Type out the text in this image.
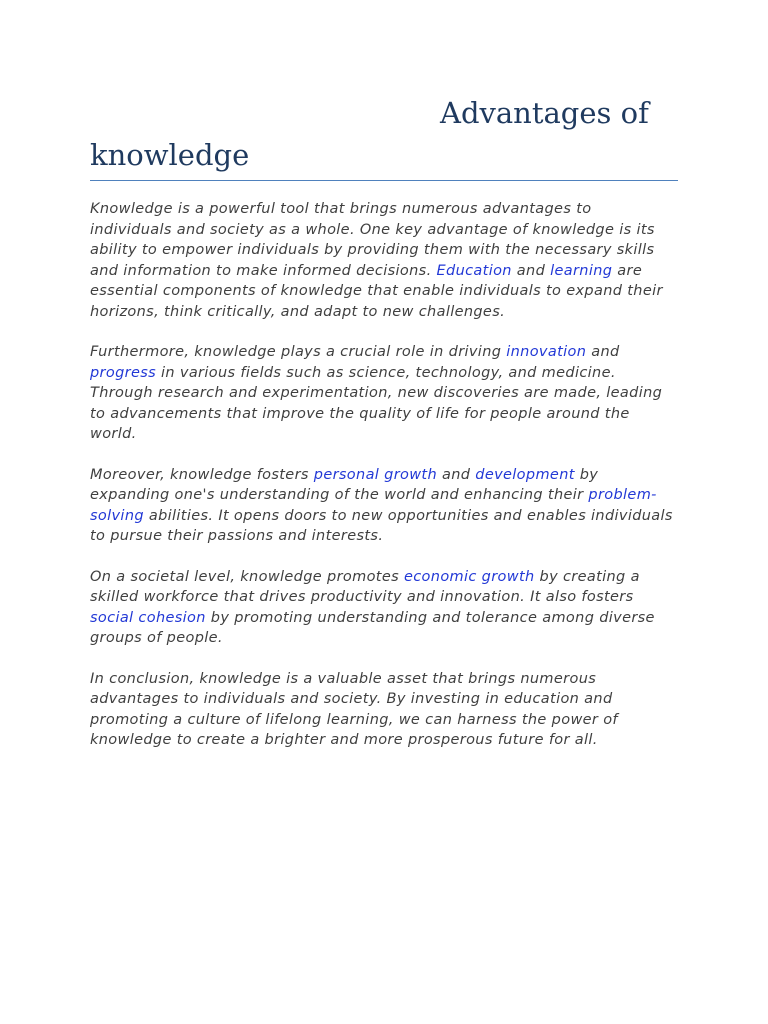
Advantages of knowledge

Knowledge is a powerful tool that brings numerous advantages to individuals and society as a whole. One key advantage of knowledge is its ability to empower individuals by providing them with the necessary skills and information to make informed decisions. Education and learning are essential components of knowledge that enable individuals to expand their horizons, think critically, and adapt to new challenges.

Furthermore, knowledge plays a crucial role in driving innovation and progress in various fields such as science, technology, and medicine. Through research and experimentation, new discoveries are made, leading to advancements that improve the quality of life for people around the world.

Moreover, knowledge fosters personal growth and development by expanding one's understanding of the world and enhancing their problem-solving abilities. It opens doors to new opportunities and enables individuals to pursue their passions and interests.

On a societal level, knowledge promotes economic growth by creating a skilled workforce that drives productivity and innovation. It also fosters social cohesion by promoting understanding and tolerance among diverse groups of people.

In conclusion, knowledge is a valuable asset that brings numerous advantages to individuals and society. By investing in education and promoting a culture of lifelong learning, we can harness the power of knowledge to create a brighter and more prosperous future for all.
